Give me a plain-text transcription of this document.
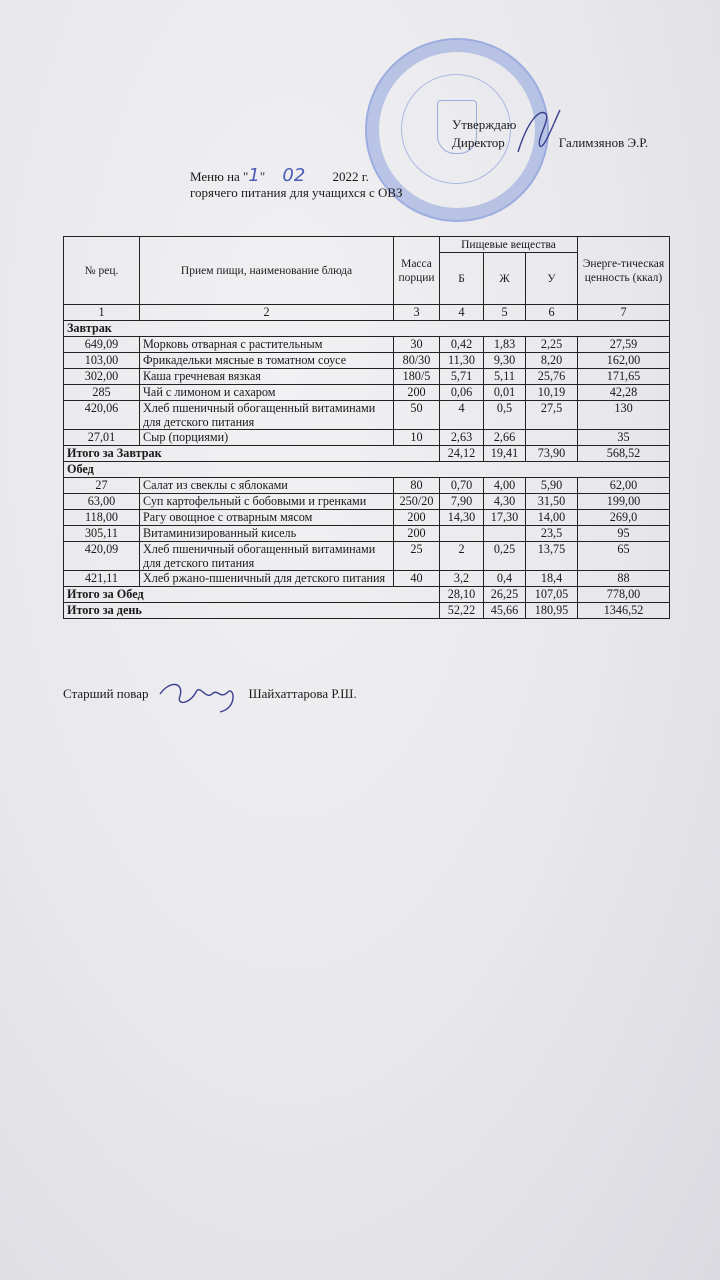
Утверждаю
Директор	Галимзянов Э.Р.
Меню на "1" 02 2022 г.
горячего питания для учащихся с ОВЗ
№ рец.	Прием пищи, наименование блюда	Масса порции	Пищевые вещества			Энерге-тическая ценность (ккал)
			Б	Ж	У	
1	2	3	4	5	6	7
Завтрак						
649,09	Морковь отварная с растительным	30	0,42	1,83	2,25	27,59
103,00	Фрикадельки мясные в томатном соусе	80/30	11,30	9,30	8,20	162,00
302,00	Каша гречневая вязкая	180/5	5,71	5,11	25,76	171,65
285	Чай с лимоном и сахаром	200	0,06	0,01	10,19	42,28
420,06	Хлеб пшеничный обогащенный витаминами для детского питания	50	4	0,5	27,5	130
27,01	Сыр (порциями)	10	2,63	2,66		35
Итого за Завтрак			24,12	19,41	73,90	568,52
Обед						
27	Салат из свеклы с яблоками	80	0,70	4,00	5,90	62,00
63,00	Суп картофельный с бобовыми и гренками	250/20	7,90	4,30	31,50	199,00
118,00	Рагу овощное с отварным мясом	200	14,30	17,30	14,00	269,0
305,11	Витаминизированный кисель	200			23,5	95
420,09	Хлеб пшеничный обогащенный витаминами для детского питания	25	2	0,25	13,75	65
421,11	Хлеб ржано-пшеничный для детского питания	40	3,2	0,4	18,4	88
Итого за Обед			28,10	26,25	107,05	778,00
Итого за день			52,22	45,66	180,95	1346,52
Старший повар	Шайхаттарова Р.Ш.
